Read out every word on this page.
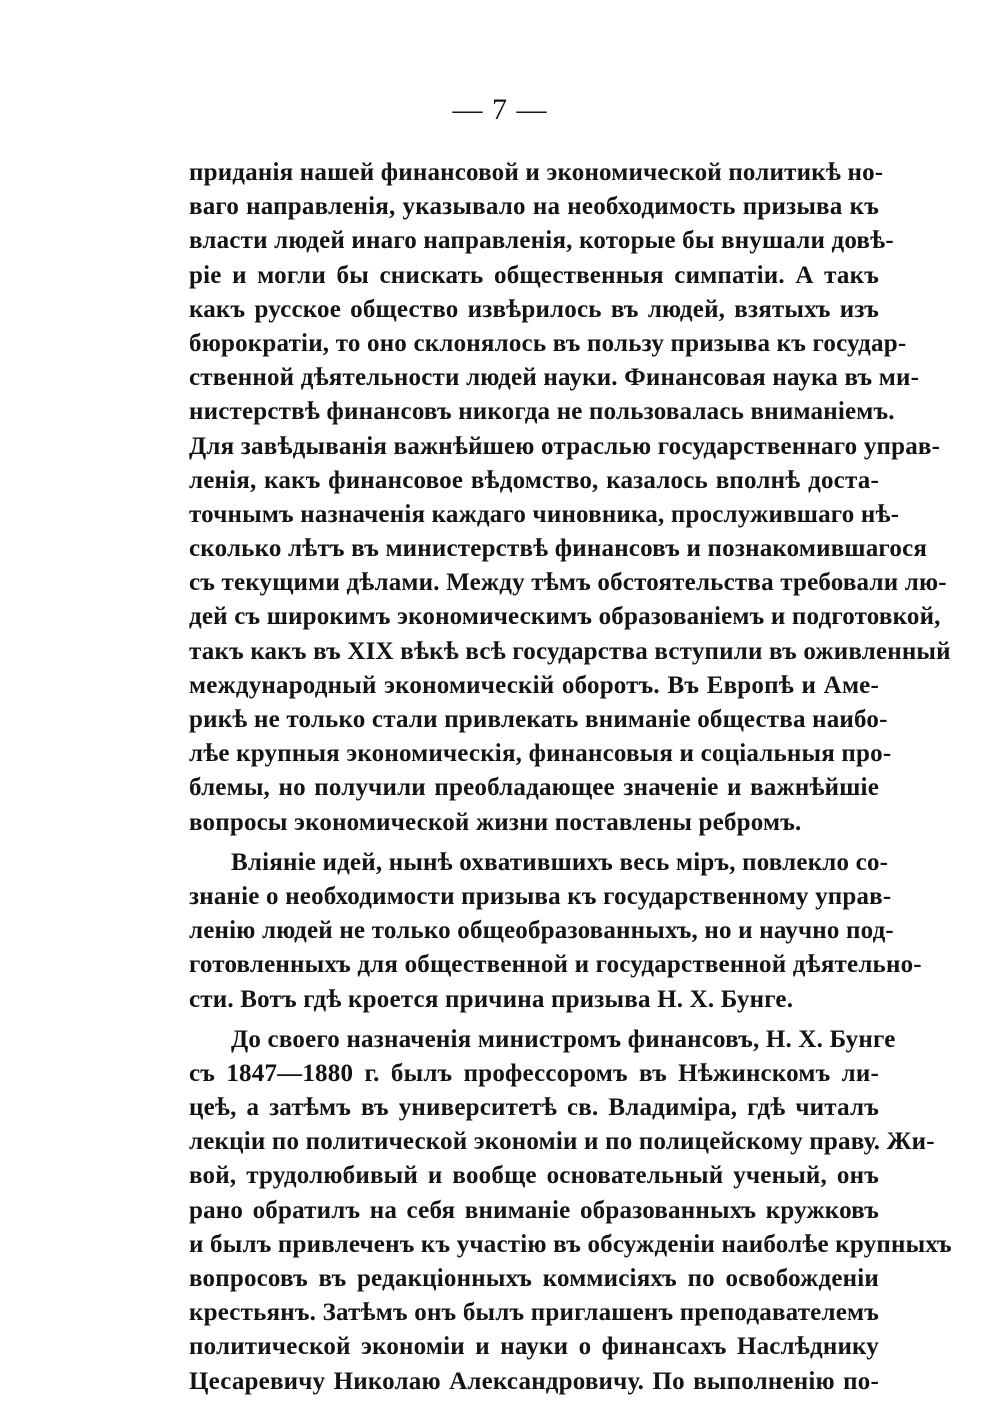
— 7 —
приданія нашей финансовой и экономической политикѣ но-
ваго направленія, указывало на необходимость призыва къ
власти людей инаго направленія, которые бы внушали довѣ-
ріе и могли бы снискать общественныя симпатіи. А такъ
какъ русское общество извѣрилось въ людей, взятыхъ изъ
бюрократіи, то оно склонялось въ пользу призыва къ государ-
ственной дѣятельности людей науки. Финансовая наука въ ми-
нистерствѣ финансовъ никогда не пользовалась вниманіемъ.
Для завѣдыванія важнѣйшею отраслью государственнаго управ-
ленія, какъ финансовое вѣдомство, казалось вполнѣ доста-
точнымъ назначенія каждаго чиновника, прослужившаго нѣ-
сколько лѣтъ въ министерствѣ финансовъ и познакомившагося
съ текущими дѣлами. Между тѣмъ обстоятельства требовали лю-
дей съ широкимъ экономическимъ образованіемъ и подготовкой,
такъ какъ въ XIX вѣкѣ всѣ государства вступили въ оживленный
международный экономическій оборотъ. Въ Европѣ и Аме-
рикѣ не только стали привлекать вниманіе общества наибо-
лѣе крупныя экономическія, финансовыя и соціальныя про-
блемы, но получили преобладающее значеніе и важнѣйшіе
вопросы экономической жизни поставлены ребромъ.
Вліяніе идей, нынѣ охватившихъ весь міръ, повлекло со-
знаніе о необходимости призыва къ государственному управ-
ленію людей не только общеобразованныхъ, но и научно под-
готовленныхъ для общественной и государственной дѣятельно-
сти. Вотъ гдѣ кроется причина призыва Н. Х. Бунге.
До своего назначенія министромъ финансовъ, Н. Х. Бунге
съ 1847—1880 г. былъ профессоромъ въ Нѣжинскомъ ли-
цеѣ, а затѣмъ въ университетѣ св. Владиміра, гдѣ читалъ
лекціи по политической экономіи и по полицейскому праву. Жи-
вой, трудолюбивый и вообще основательный ученый, онъ
рано обратилъ на себя вниманіе образованныхъ кружковъ
и былъ привлеченъ къ участію въ обсужденіи наиболѣе крупныхъ
вопросовъ въ редакціонныхъ коммисіяхъ по освобожденіи
крестьянъ. Затѣмъ онъ былъ приглашенъ преподавателемъ
политической экономіи и науки о финансахъ Наслѣднику
Цесаревичу Николаю Александровичу. По выполненію по-
